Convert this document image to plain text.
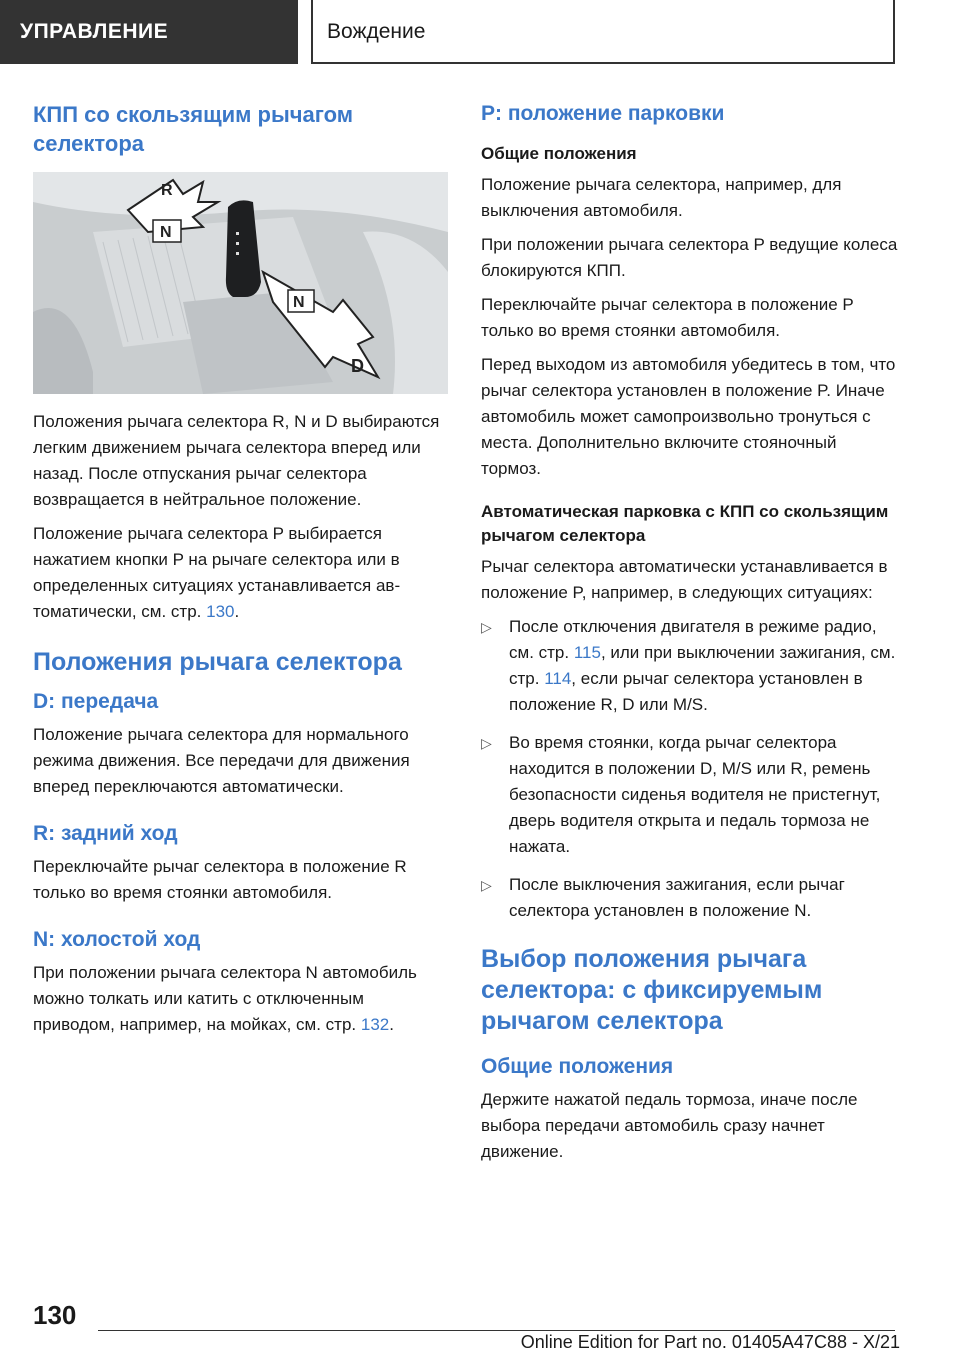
УПРАВЛЕНИЕ	Вождение
КПП со скользящим рычагом селектора
R
N
N
D

Положения рычага селектора R, N и D выбираются легким движением рычага селектора вперед или назад. После отпускания рычаг селектора возвращается в нейтральное положение.

Положение рычага селектора P выбирается нажатием кнопки P на рычаге селектора или в определенных ситуациях устанавливается автоматически, см. стр. 130.

Положения рычага селектора
D: передача

Положение рычага селектора для нормального режима движения. Все передачи для движения вперед переключаются автоматически.

R: задний ход

Переключайте рычаг селектора в положение R только во время стоянки автомобиля.

N: холостой ход

При положении рычага селектора N автомобиль можно толкать или катить с отключенным приводом, например, на мойках, см. стр. 132.

P: положение парковки
Общие положения

Положение рычага селектора, например, для выключения автомобиля.

При положении рычага селектора P ведущие колеса блокируются КПП.

Переключайте рычаг селектора в положение P только во время стоянки автомобиля.

Перед выходом из автомобиля убедитесь в том, что рычаг селектора установлен в положение P. Иначе автомобиль может самопроизвольно тронуться с места. Дополнительно включите стояночный тормоз.

Автоматическая парковка с КПП со скользящим рычагом селектора

Рычаг селектора автоматически устанавливается в положение P, например, в следующих ситуациях:

▷ После отключения двигателя в режиме радио, см. стр. 115, или при выключении зажигания, см. стр. 114, если рычаг селектора установлен в положение R, D или M/S.
▷ Во время стоянки, когда рычаг селектора находится в положении D, M/S или R, ремень безопасности сиденья водителя не пристегнут, дверь водителя открыта и педаль тормоза не нажата.
▷ После выключения зажигания, если рычаг селектора установлен в положение N.
Выбор положения рычага селектора: с фиксируемым рычагом селектора
Общие положения

Держите нажатой педаль тормоза, иначе после выбора передачи автомобиль сразу начнет движение.

130
Online Edition for Part no. 01405A47C88 - X/21
